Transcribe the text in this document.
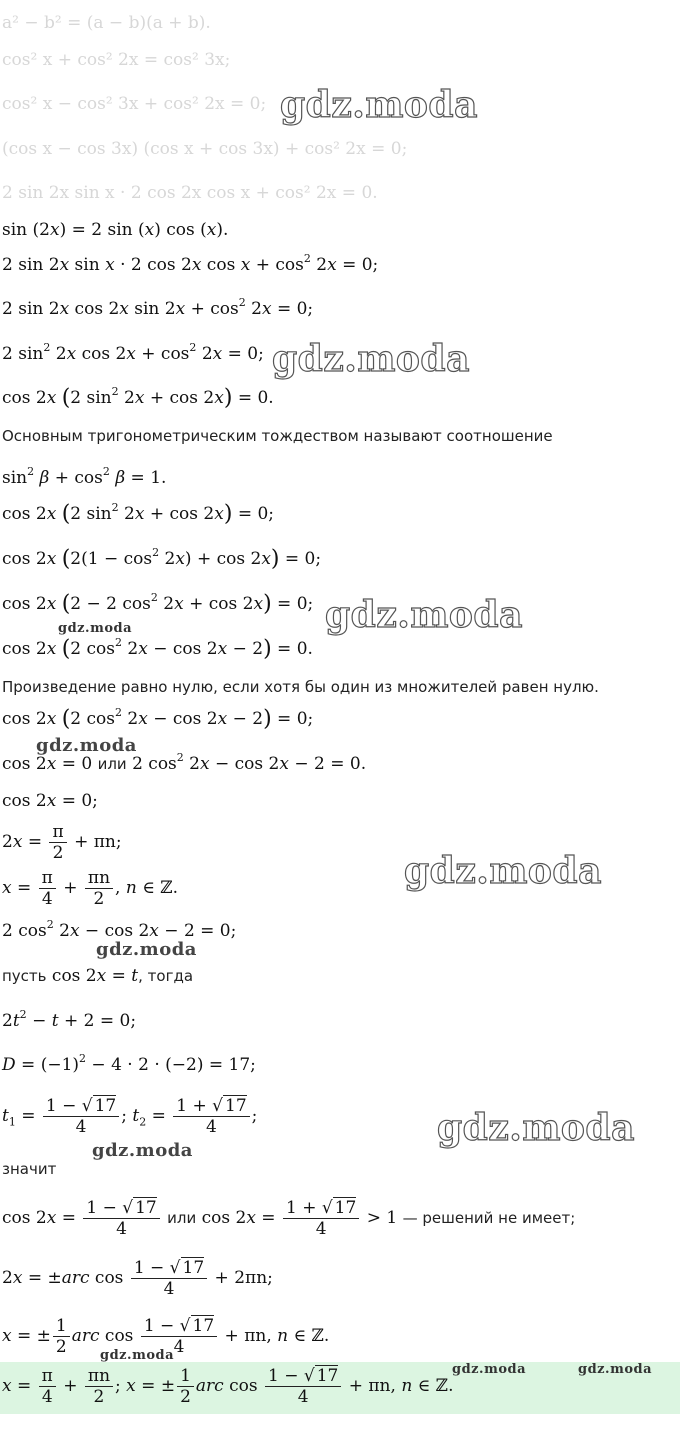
a² − b² = (a − b)(a + b).
cos² x + cos² 2x = cos² 3x;
cos² x − cos² 3x + cos² 2x = 0;
(cos x − cos 3x) (cos x + cos 3x) + cos² 2x = 0;
2 sin 2x sin x · 2 cos 2x cos x + cos² 2x = 0.
sin (2x) = 2 sin (x) cos (x).
2 sin 2x sin x · 2 cos 2x $\cos x + \cos^2 2x = 0$;
2 sin 2x cos 2x $\sin 2x + \cos^2 2x = 0$;
2 $\sin^2 2x$ $\cos 2x + \cos^2 2x = 0$;
cos 2x (2 $\sin^2 2x + \cos 2x) = 0$.
Основным тригонометрическим тождеством называют соотношение
$\sin^2 \beta + \cos^2 \beta = 1$.
cos 2x (2 $\sin^2 2x + \cos 2x) = 0$;
cos 2x $(2(1 - \cos^2 2x) + \cos 2x) = 0$;
cos 2x (2 − 2 $\cos^2 2x + \cos 2x) = 0$;
cos 2x (2 $\cos^2 2x - \cos 2x - 2) = 0$.
Произведение равно нулю, если хотя бы один из множителей равен нулю.
cos 2x (2 $\cos^2 2x - \cos 2x - 2) = 0$;
cos 2x = 0 или 2 $\cos^2 2x - \cos 2x - 2 = 0$.
cos 2x = 0;
$2x = \frac{\pi}{2} + \pi n$;
$x = \frac{\pi}{4} + \frac{\pi n}{2}$ , n ∈ ℤ.
2 $\cos^2 2x - \cos 2x - 2 = 0$;
пусть cos 2x = t, тогда
$2t^2 - t + 2 = 0$;
$D = (-1)^2 - 4 \cdot 2 \cdot (-2) = 17$;
$t_1 = \frac{1 - √ 17}{4}$ ; $t_2 = \frac{1 + √ 17}{4}$ ;
значит
$\cos 2x = \frac{1 - √ 17}{4}$ или $\cos 2x = \frac{1 + √ 17}{4} > 1$ — решений не имеет;
2x = ±arc $\cos \frac{1 - √ 17}{4} + 2\pi n$;
x = ± $\frac{1}{2}$ arc $\cos \frac{1 - √ 17}{4} + \pi n$, n ∈ ℤ.
$x = \frac{\pi}{4} + \frac{\pi n}{2}$ ; x = ± $\frac{1}{2}$ arc $\cos \frac{1 - √ 17}{4} + \pi n$, n ∈ ℤ.
gdz.moda
gdz.moda
gdz.moda
gdz.moda
gdz.moda
gdz.moda
gdz.moda
gdz.moda
gdz.moda
gdz.moda
gdz.moda	gdz.moda
